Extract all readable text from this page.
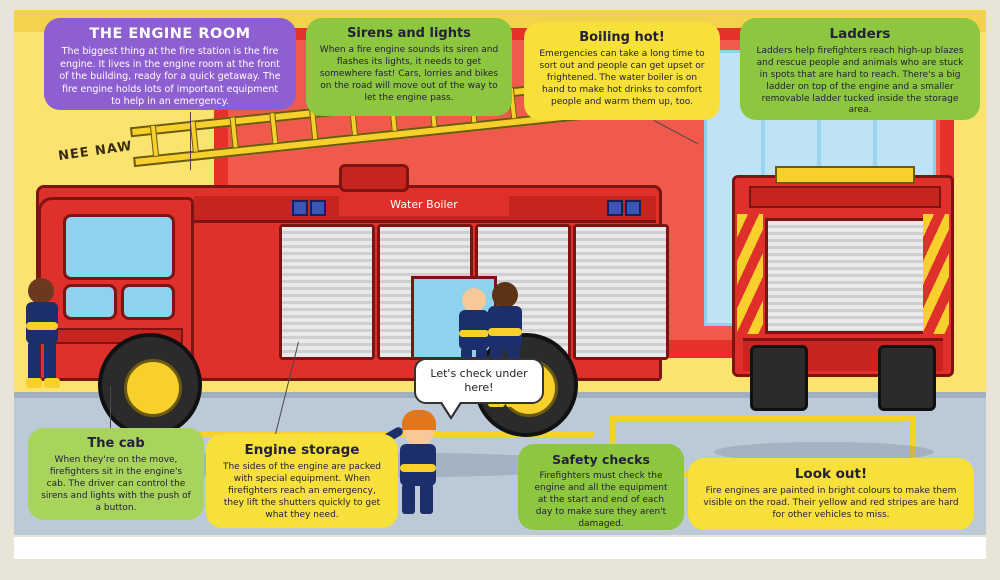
Water Boiler
Let's check under here!
NEE NAW
THE ENGINE ROOM
The biggest thing at the fire station is the fire engine. It lives in the engine room at the front of the building, ready for a quick getaway. The fire engine holds lots of important equipment to help in an emergency.
Sirens and lights
When a fire engine sounds its siren and flashes its lights, it needs to get somewhere fast! Cars, lorries and bikes on the road will move out of the way to let the engine pass.
Boiling hot!
Emergencies can take a long time to sort out and people can get upset or frightened. The water boiler is on hand to make hot drinks to comfort people and warm them up, too.
Ladders
Ladders help firefighters reach high-up blazes and rescue people and animals who are stuck in spots that are hard to reach. There's a big ladder on top of the engine and a smaller removable ladder tucked inside the storage area.
The cab
When they're on the move, firefighters sit in the engine's cab. The driver can control the sirens and lights with the push of a button.
Engine storage
The sides of the engine are packed with special equipment. When firefighters reach an emergency, they lift the shutters quickly to get what they need.
Safety checks
Firefighters must check the engine and all the equipment at the start and end of each day to make sure they aren't damaged.
Look out!
Fire engines are painted in bright colours to make them visible on the road. Their yellow and red stripes are hard for other vehicles to miss.
